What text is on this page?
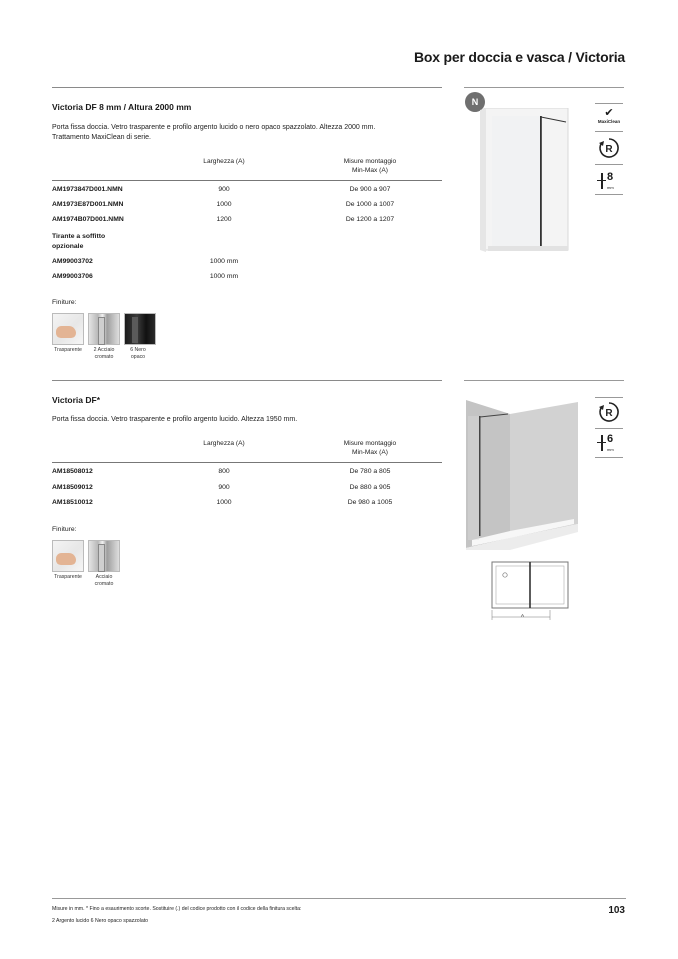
Box per doccia e vasca / Victoria
Victoria DF 8 mm / Altura 2000 mm
Porta fissa doccia. Vetro trasparente e profilo argento lucido o nero opaco spazzolato. Altezza 2000 mm.
Trattamento MaxiClean di serie.
Larghezza (A)	Misure montaggio
Min-Max (A)
AM1973847D001.NMN	900	De 900 a 907
AM1973E87D001.NMN	1000	De 1000 a 1007
AM1974B07D001.NMN	1200	De 1200 a 1207
Tirante a soffitto
opzionale
AM99003702	1000 mm
AM99003706	1000 mm
Finiture:
Trasparente	2 Acciaio
cromato
6 Nero
opaco
N
✔
MaxiClean
R
8
mm
Victoria DF*
Porta fissa doccia. Vetro trasparente e profilo argento lucido. Altezza 1950 mm.
Larghezza (A)	Misure montaggio
Min-Max (A)
AM18508012	800	De 780 a 805
AM18509012	900	De 880 a 905
AM18510012	1000	De 980 a 1005
Finiture:
Trasparente	Acciaio
cromato
A
R
6
mm
Misure in mm. * Fino a esaurimento scorte. Sostituire (.) del codice prodotto con il codice della finitura scelta:
2 Argento lucido 6 Nero opaco spazzolato
103
